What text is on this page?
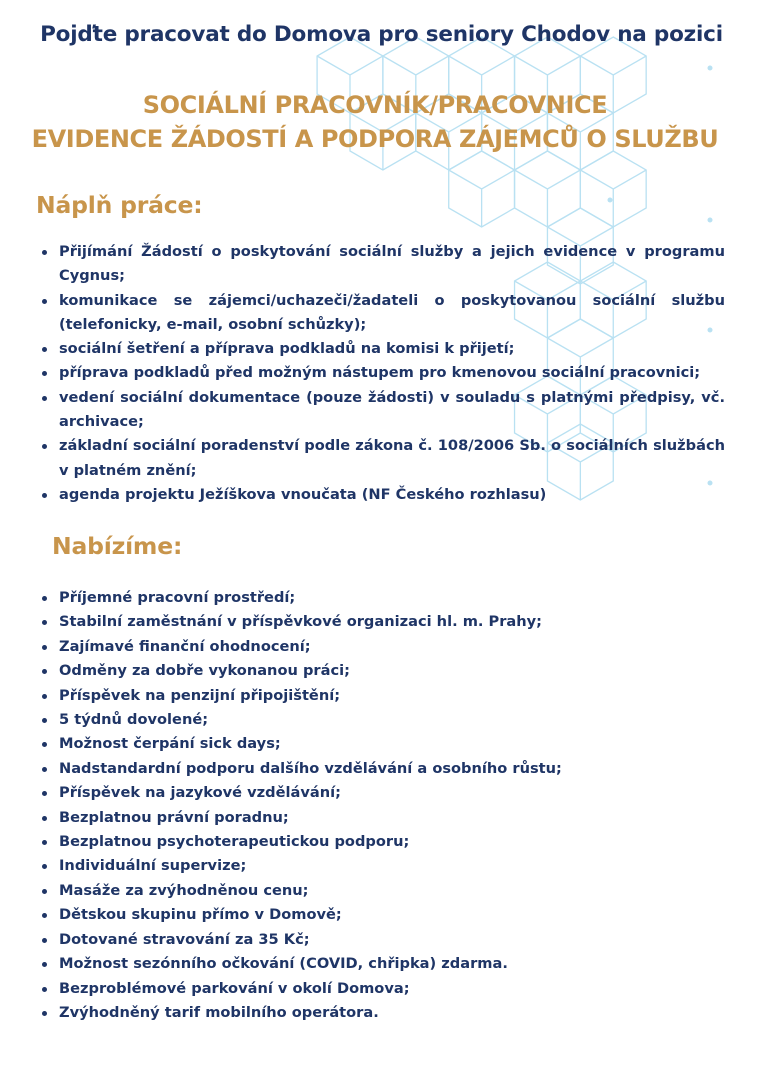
Pojďte pracovat do Domova pro seniory Chodov na pozici
SOCIÁLNÍ PRACOVNÍK/PRACOVNICE
EVIDENCE ŽÁDOSTÍ A PODPORA ZÁJEMCŮ O SLUŽBU
Náplň práce:
Přijímání Žádostí o poskytování sociální služby a jejich evidence v programu Cygnus;
komunikace se zájemci/uchazeči/žadateli o poskytovanou sociální službu (telefonicky, e-mail, osobní schůzky);
sociální šetření a příprava podkladů na komisi k přijetí;
příprava podkladů před možným nástupem pro kmenovou sociální pracovnici;
vedení sociální dokumentace (pouze žádosti) v souladu s platnými předpisy, vč. archivace;
základní sociální poradenství podle zákona č. 108/2006 Sb. o sociálních službách v platném znění;
agenda projektu Ježíškova vnoučata (NF Českého rozhlasu)
Nabízíme:
Příjemné pracovní prostředí;
Stabilní zaměstnání v příspěvkové organizaci hl. m. Prahy;
Zajímavé finanční ohodnocení;
Odměny za dobře vykonanou práci;
Příspěvek na penzijní připojištění;
5 týdnů dovolené;
Možnost čerpání sick days;
Nadstandardní podporu dalšího vzdělávání a osobního růstu;
Příspěvek na jazykové vzdělávání;
Bezplatnou právní poradnu;
Bezplatnou psychoterapeutickou podporu;
Individuální supervize;
Masáže za zvýhodněnou cenu;
Dětskou skupinu přímo v Domově;
Dotované stravování za 35 Kč;
Možnost sezónního očkování (COVID, chřipka) zdarma.
Bezproblémové parkování v okolí Domova;
Zvýhodněný tarif mobilního operátora.
